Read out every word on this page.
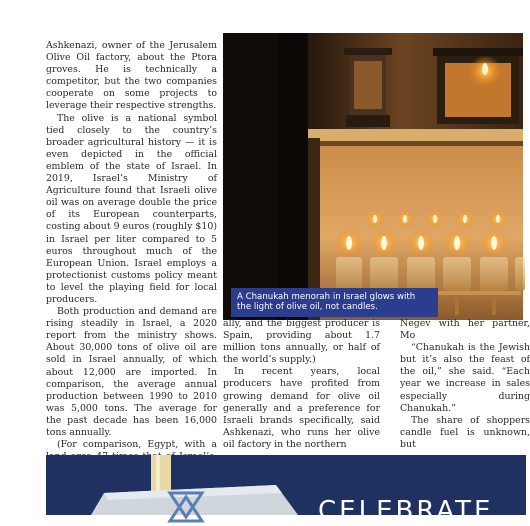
Ashkenazi, owner of the Jerusalem Olive Oil factory, about the Ptora groves. He is technically a competitor, but the two companies cooperate on some projects to leverage their respective strengths.

The olive is a national symbol tied closely to the country’s broader agricultural history — it is even depicted in the official emblem of the state of Israel. In 2019, Israel’s Ministry of Agriculture found that Israeli olive oil was on average double the price of its European counterparts, costing about 9 euros (roughly $10) in Israel per liter compared to 5 euros throughout much of the European Union. Israel employs a protectionist customs policy meant to level the playing field for local producers.

Both production and demand are rising steadily in Israel, a 2020 report from the ministry shows. About 30,000 tons of olive oil are sold in Israel annually, of which about 12,000 are imported. In comparison, the average annual production between 1990 to 2010 was 5,000 tons. The average for the past decade has been 16,000 tons annually.

(For comparison, Egypt, with a

A Chanukah menorah in Israel glows with the light of olive oil, not candles.

ally, and the biggest producer is Spain, providing about 1.7 million tons annually, or half of the world’s supply.)

In recent years, local producers have profited from growing demand for olive oil generally and a preference for Israeli brands specifically, said Ashkenazi, who runs her olive oil factory in the northern

Negev with her partner, Mo

“Chanukah is the Jewish but it’s also the feast of the oil,” she said. “Each year we increase in sales especially during Chanukah.”

The share of shoppers candle fuel is unknown, but

CELEBRATE
